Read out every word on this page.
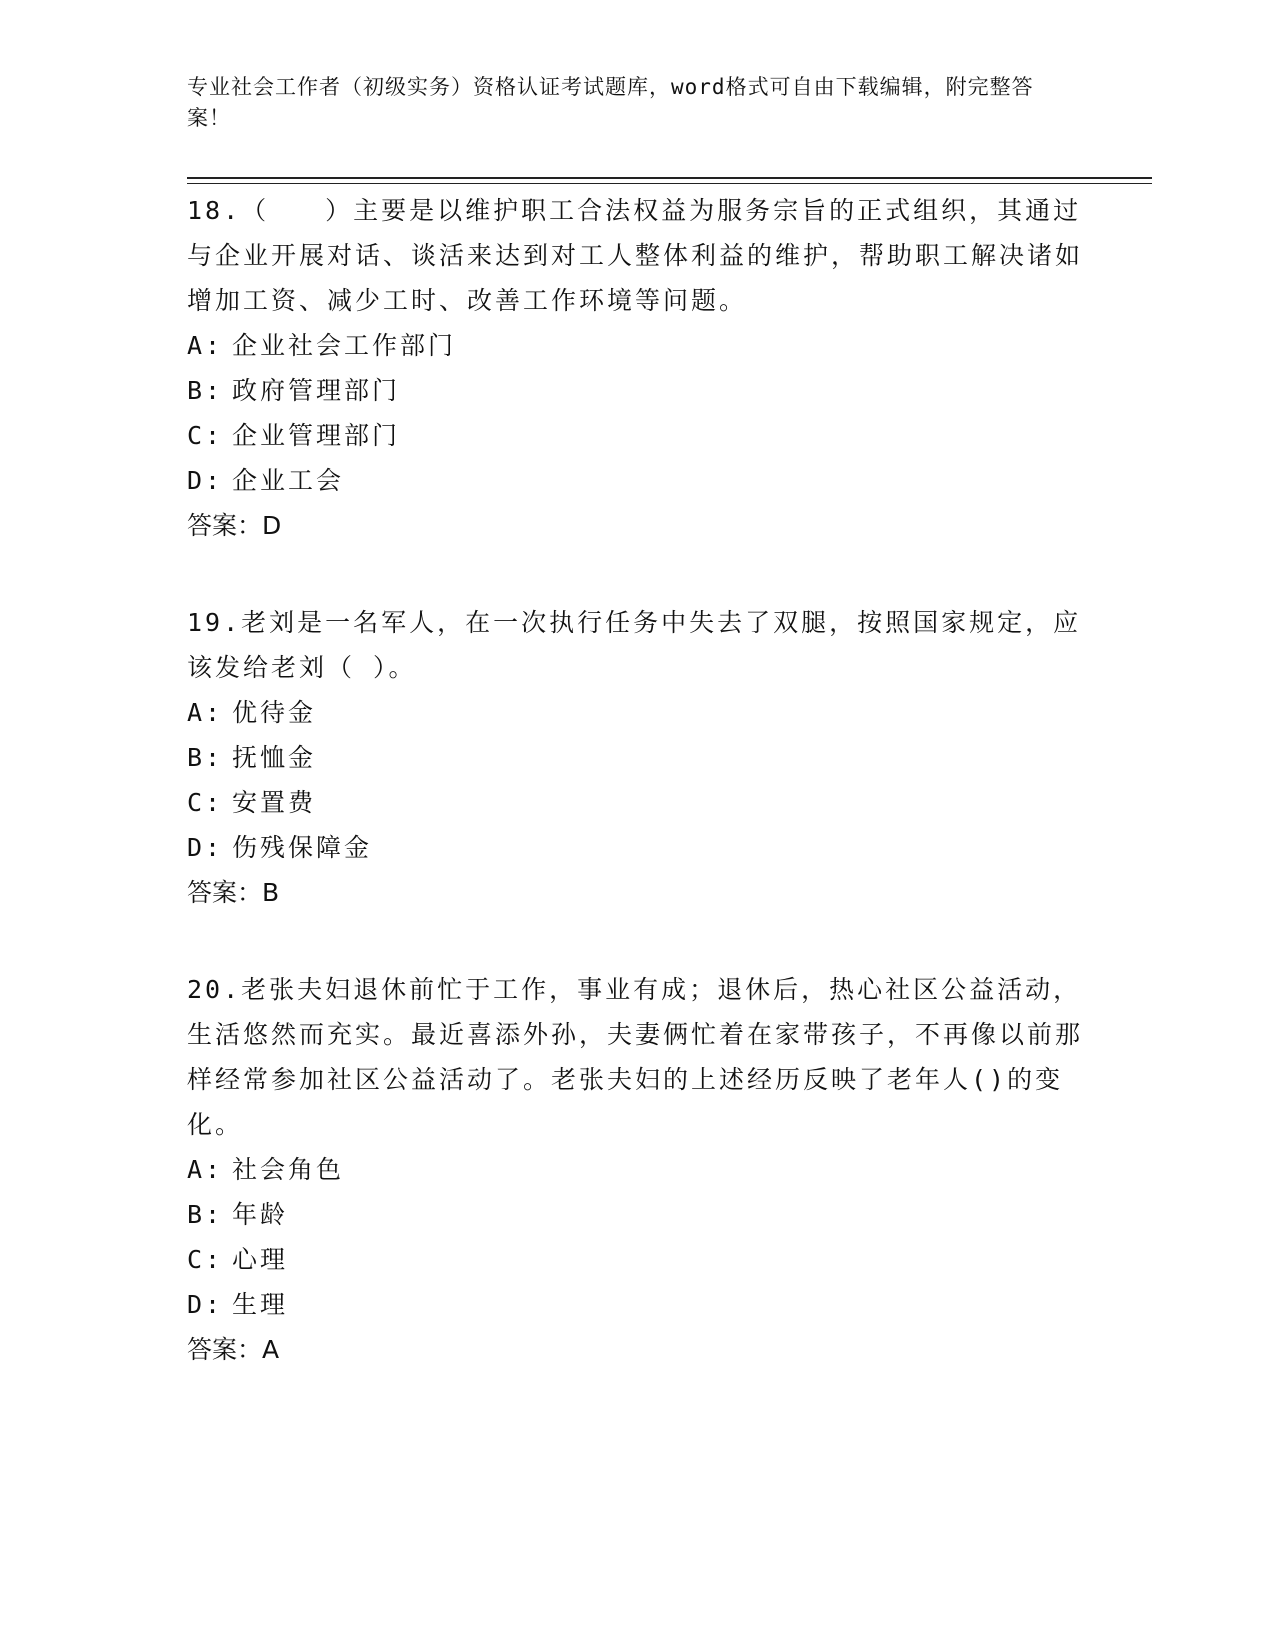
专业社会工作者（初级实务）资格认证考试题库，word格式可自由下载编辑，附完整答案！

18.（　　）主要是以维护职工合法权益为服务宗旨的正式组织，其通过与企业开展对话、谈活来达到对工人整体利益的维护，帮助职工解决诸如增加工资、减少工时、改善工作环境等问题。

A: 企业社会工作部门

B: 政府管理部门

C: 企业管理部门

D: 企业工会

答案：D

19.老刘是一名军人，在一次执行任务中失去了双腿，按照国家规定，应该发给老刘（ ）。

A: 优待金

B: 抚恤金

C: 安置费

D: 伤残保障金

答案：B

20.老张夫妇退休前忙于工作，事业有成；退休后，热心社区公益活动，生活悠然而充实。最近喜添外孙，夫妻俩忙着在家带孩子，不再像以前那样经常参加社区公益活动了。老张夫妇的上述经历反映了老年人()的变化。

A: 社会角色

B: 年龄

C: 心理

D: 生理

答案：A
